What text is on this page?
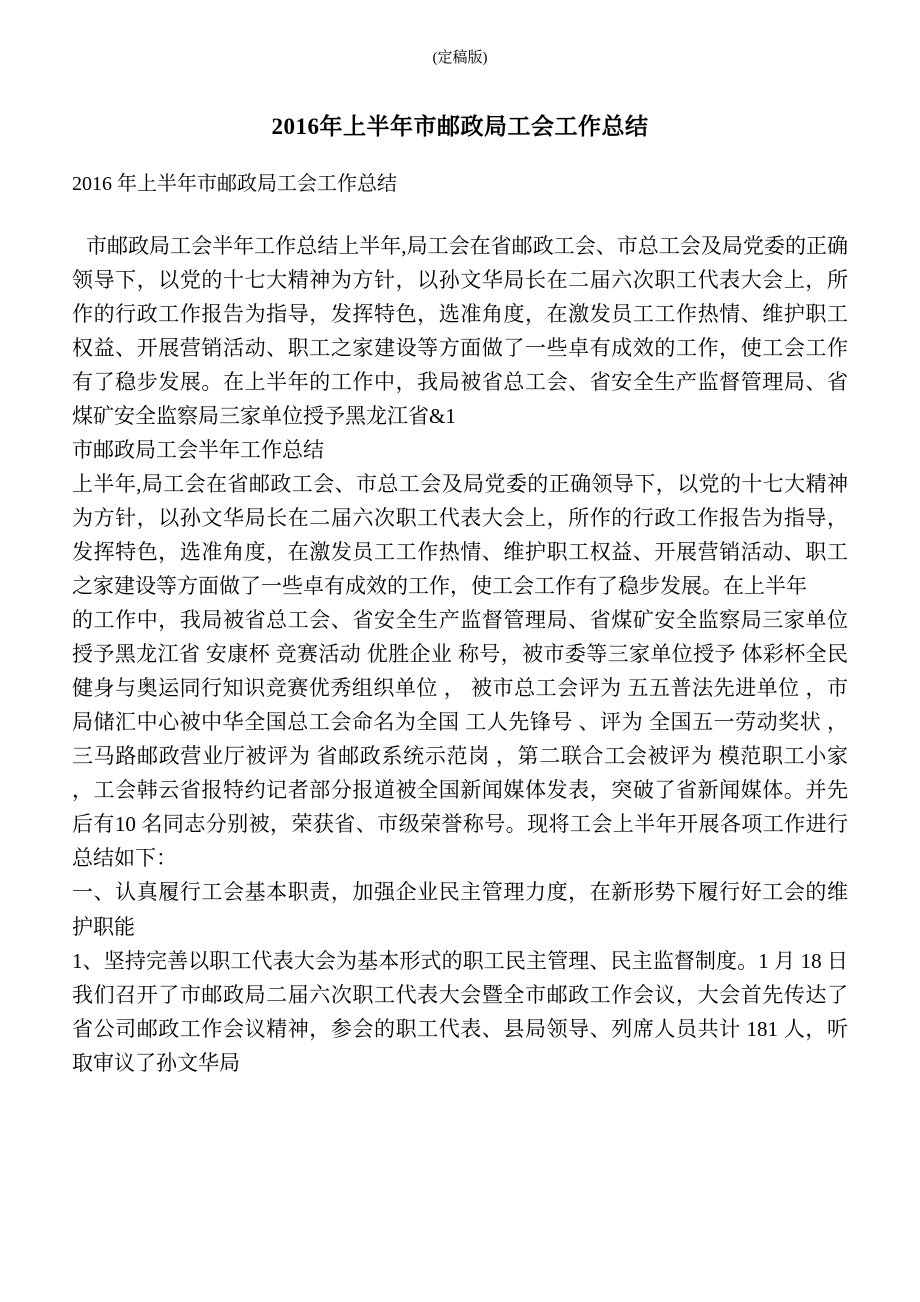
(定稿版)
2016年上半年市邮政局工会工作总结
2016 年上半年市邮政局工会工作总结

市邮政局工会半年工作总结上半年,局工会在省邮政工会、市总工会及局党委的正确领导下，以党的十七大精神为方针，以孙文华局长在二届六次职工代表大会上，所作的行政工作报告为指导，发挥特色，选准角度，在激发员工工作热情、维护职工权益、开展营销活动、职工之家建设等方面做了一些卓有成效的工作，使工会工作有了稳步发展。在上半年的工作中，我局被省总工会、省安全生产监督管理局、省煤矿安全监察局三家单位授予黑龙江省&1

市邮政局工会半年工作总结

上半年,局工会在省邮政工会、市总工会及局党委的正确领导下，以党的十七大精神为方针，以孙文华局长在二届六次职工代表大会上，所作的行政工作报告为指导，发挥特色，选准角度，在激发员工工作热情、维护职工权益、开展营销活动、职工之家建设等方面做了一些卓有成效的工作，使工会工作有了稳步发展。在上半年

的工作中，我局被省总工会、省安全生产监督管理局、省煤矿安全监察局三家单位授予黑龙江省 安康杯 竞赛活动 优胜企业 称号，被市委等三家单位授予 体彩杯全民健身与奥运同行知识竞赛优秀组织单位 ， 被市总工会评为 五五普法先进单位 ，市局储汇中心被中华全国总工会命名为全国 工人先锋号 、评为 全国五一劳动奖状 ，三马路邮政营业厅被评为 省邮政系统示范岗 ，第二联合工会被评为 模范职工小家 ，工会韩云省报特约记者部分报道被全国新闻媒体发表，突破了省新闻媒体。并先后有10 名同志分别被，荣获省、市级荣誉称号。现将工会上半年开展各项工作进行总结如下：

一、认真履行工会基本职责，加强企业民主管理力度，在新形势下履行好工会的维护职能

1、坚持完善以职工代表大会为基本形式的职工民主管理、民主监督制度。1 月 18 日我们召开了市邮政局二届六次职工代表大会暨全市邮政工作会议，大会首先传达了省公司邮政工作会议精神，参会的职工代表、县局领导、列席人员共计 181 人，听取审议了孙文华局
